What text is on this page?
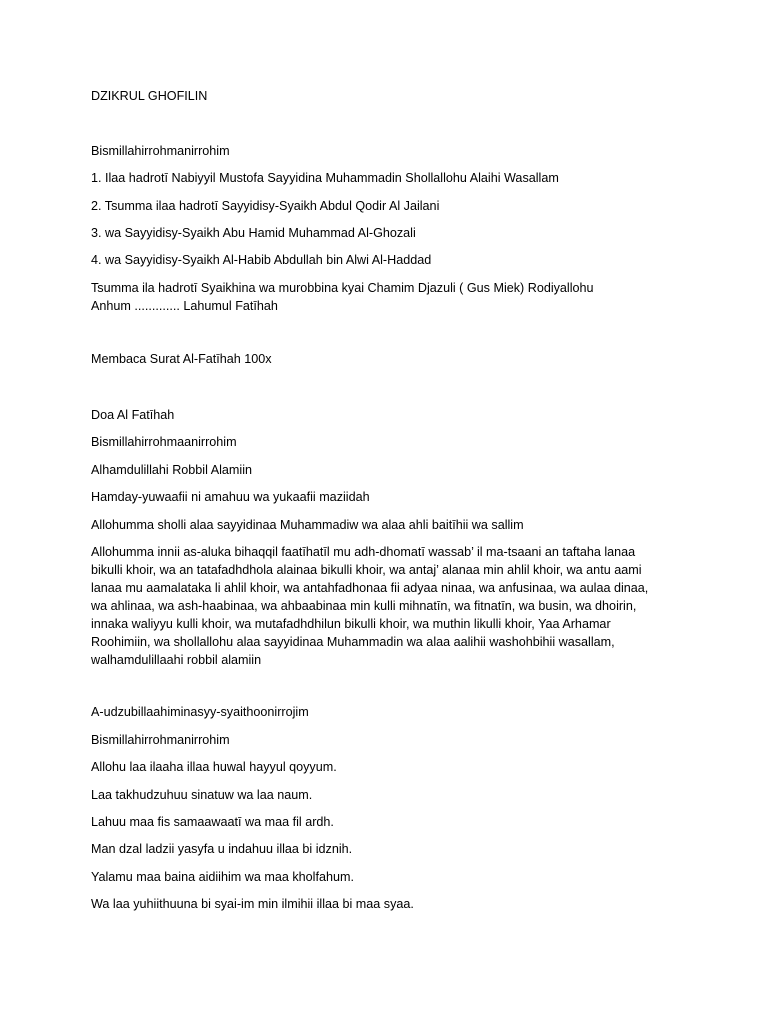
DZIKRUL GHOFILIN

Bismillahirrohmanirrohim

1. Ilaa hadrotī Nabiyyil Mustofa Sayyidina Muhammadin Shollallohu Alaihi Wasallam

2. Tsumma ilaa hadrotī Sayyidisy-Syaikh Abdul Qodir Al Jailani

3. wa Sayyidisy-Syaikh Abu Hamid Muhammad Al-Ghozali

4. wa Sayyidisy-Syaikh Al-Habib Abdullah bin Alwi Al-Haddad

Tsumma ila hadrotī Syaikhina wa murobbina kyai Chamim Djazuli ( Gus Miek) Rodiyallohu
Anhum ............. Lahumul Fatīhah

Membaca Surat Al-Fatīhah 100x

Doa Al Fatīhah

Bismillahirrohmaanirrohim

Alhamdulillahi Robbil Alamiin

Hamday-yuwaafii ni amahuu wa yukaafii maziidah

Allohumma sholli alaa sayyidinaa Muhammadiw wa alaa ahli baitīhii wa sallim

Allohumma innii as-aluka bihaqqil faatīhatīl mu adh-dhomatī wassab’ il ma-tsaani an taftaha lanaa
bikulli khoir, wa an tatafadhdhola alainaa bikulli khoir, wa antaj’ alanaa min ahlil khoir, wa antu aami
lanaa mu aamalataka li ahlil khoir, wa antahfadhonaa fii adyaa ninaa, wa anfusinaa, wa aulaa dinaa,
wa ahlinaa, wa ash-haabinaa, wa ahbaabinaa min kulli mihnatīn, wa fitnatīn, wa busin, wa dhoirin,
innaka waliyyu kulli khoir, wa mutafadhdhilun bikulli khoir, wa muthin likulli khoir, Yaa Arhamar
Roohimiin, wa shollallohu alaa sayyidinaa Muhammadin wa alaa aalihii washohbihii wasallam,
walhamdulillaahi robbil alamiin

A-udzubillaahiminasyy-syaithoonirrojim

Bismillahirrohmanirrohim

Allohu laa ilaaha illaa huwal hayyul qoyyum.

Laa takhudzuhuu sinatuw wa laa naum.

Lahuu maa fis samaawaatī wa maa fil ardh.

Man dzal ladzii yasyfa u indahuu illaa bi idznih.

Yalamu maa baina aidiihim wa maa kholfahum.

Wa laa yuhiithuuna bi syai-im min ilmihii illaa bi maa syaa.
